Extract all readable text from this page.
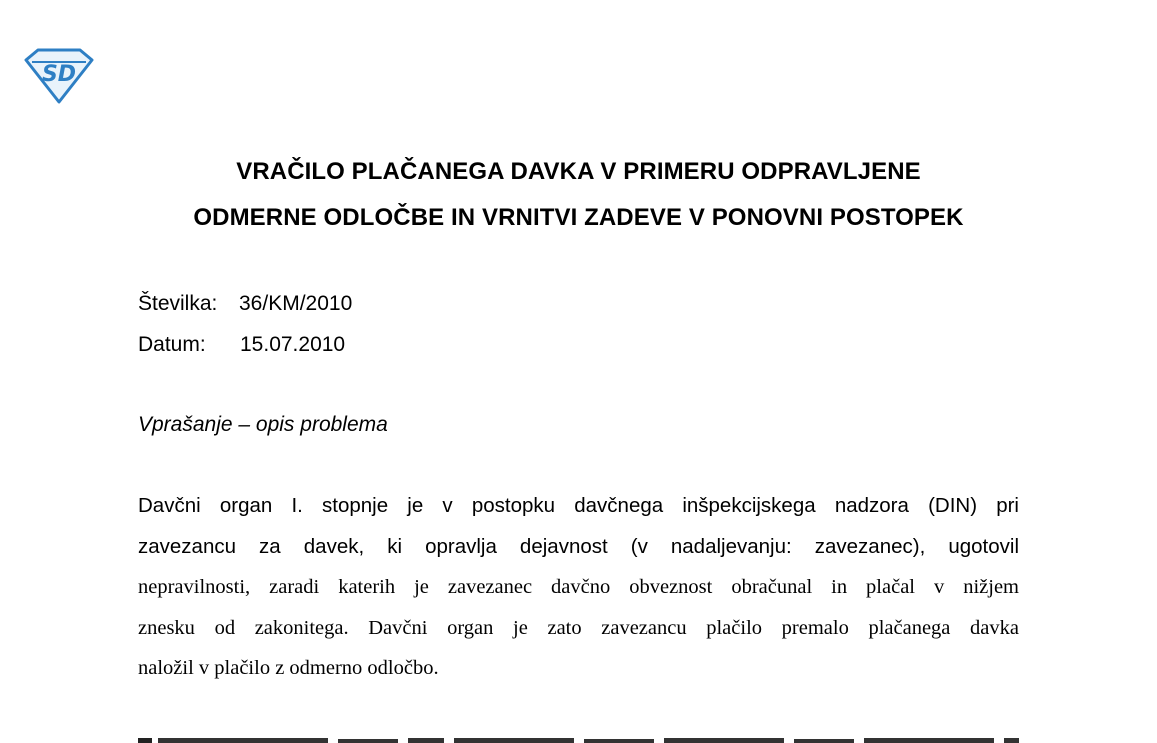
SD
VRAČILO PLAČANEGA DAVKA V PRIMERU ODPRAVLJENE
ODMERNE ODLOČBE IN VRNITVI ZADEVE V PONOVNI POSTOPEK
Številka: 36/KM/2010
Datum: 15.07.2010
Vprašanje – opis problema
Davčni organ I. stopnje je v postopku davčnega inšpekcijskega nadzora (DIN) pri
zavezancu za davek, ki opravlja dejavnost (v nadaljevanju: zavezanec), ugotovil
nepravilnosti, zaradi katerih je zavezanec davčno obveznost obračunal in plačal v nižjem
znesku od zakonitega. Davčni organ je zato zavezancu plačilo premalo plačanega davka
naložil v plačilo z odmerno odločbo.
